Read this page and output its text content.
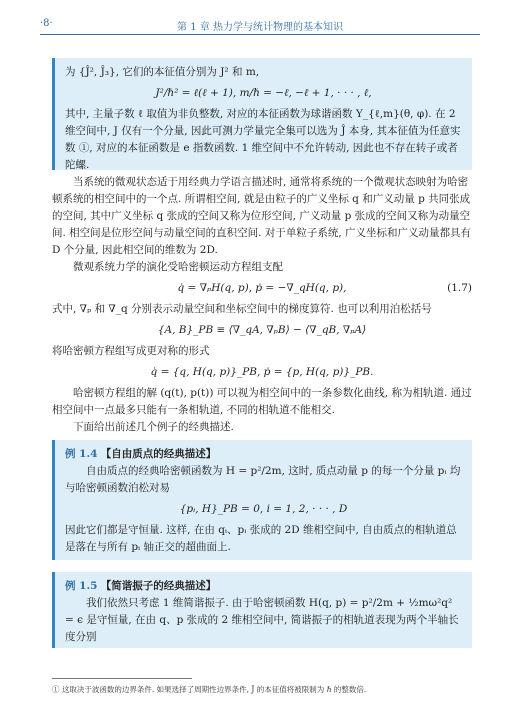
·8·	第 1 章 热力学与统计物理的基本知识
为 {Ĵ², Ĵ₃}, 它们的本征值分别为 J² 和 m,
J²/ℏ² = ℓ(ℓ + 1), m/ℏ = −ℓ, −ℓ + 1, · · · , ℓ,
其中, 主量子数 ℓ 取值为非负整数, 对应的本征函数为球谐函数 Y_{ℓ,m}(θ, φ). 在 2 维空间中, J 仅有一个分量, 因此可测力学量完全集可以选为 Ĵ 本身, 其本征值为任意实数 ①, 对应的本征函数是 e 指数函数. 1 维空间中不允许转动, 因此也不存在转子或者陀螺.
当系统的微观状态适于用经典力学语言描述时, 通常将系统的一个微观状态映射为哈密顿系统的相空间中的一个点. 所谓相空间, 就是由粒子的广义坐标 q 和广义动量 p 共同张成的空间, 其中广义坐标 q 张成的空间又称为位形空间, 广义动量 p 张成的空间又称为动量空间. 相空间是位形空间与动量空间的直积空间. 对于单粒子系统, 广义坐标和广义动量都具有 D 个分量, 因此相空间的维数为 2D.
微观系统力学的演化受哈密顿运动方程组支配
q̇ = ∇ₚH(q, p), ṗ = −∇_qH(q, p),	(1.7)
式中, ∇ₚ 和 ∇_q 分别表示动量空间和坐标空间中的梯度算符. 也可以利用泊松括号
{A, B}_PB ≡ ⟨∇_qA, ∇ₚB⟩ − ⟨∇_qB, ∇ₚA⟩
将哈密顿方程组写成更对称的形式
q̇ = {q, H(q, p)}_PB, ṗ = {p, H(q, p)}_PB.
哈密顿方程组的解 (q(t), p(t)) 可以视为相空间中的一条参数化曲线, 称为相轨道. 通过相空间中一点最多只能有一条相轨道, 不同的相轨道不能相交.
下面给出前述几个例子的经典描述.
例 1.4 【自由质点的经典描述】
自由质点的经典哈密顿函数为 H = p²/2m, 这时, 质点动量 p 的每一个分量 pᵢ 均与哈密顿函数泊松对易
{pᵢ, H}_PB = 0, i = 1, 2, · · · , D
因此它们都是守恒量. 这样, 在由 qᵢ、pᵢ 张成的 2D 维相空间中, 自由质点的相轨道总是落在与所有 pᵢ 轴正交的超曲面上.
例 1.5 【简谐振子的经典描述】
我们依然只考虑 1 维简谐振子. 由于哈密顿函数 H(q, p) = p²/2m + ½mω²q² = ϵ 是守恒量, 在由 q、p 张成的 2 维相空间中, 简谐振子的相轨道表现为两个半轴长度分别
① 这取决于波函数的边界条件. 如果选择了周期性边界条件, Ĵ 的本征值将被限制为 ℏ 的整数倍.
